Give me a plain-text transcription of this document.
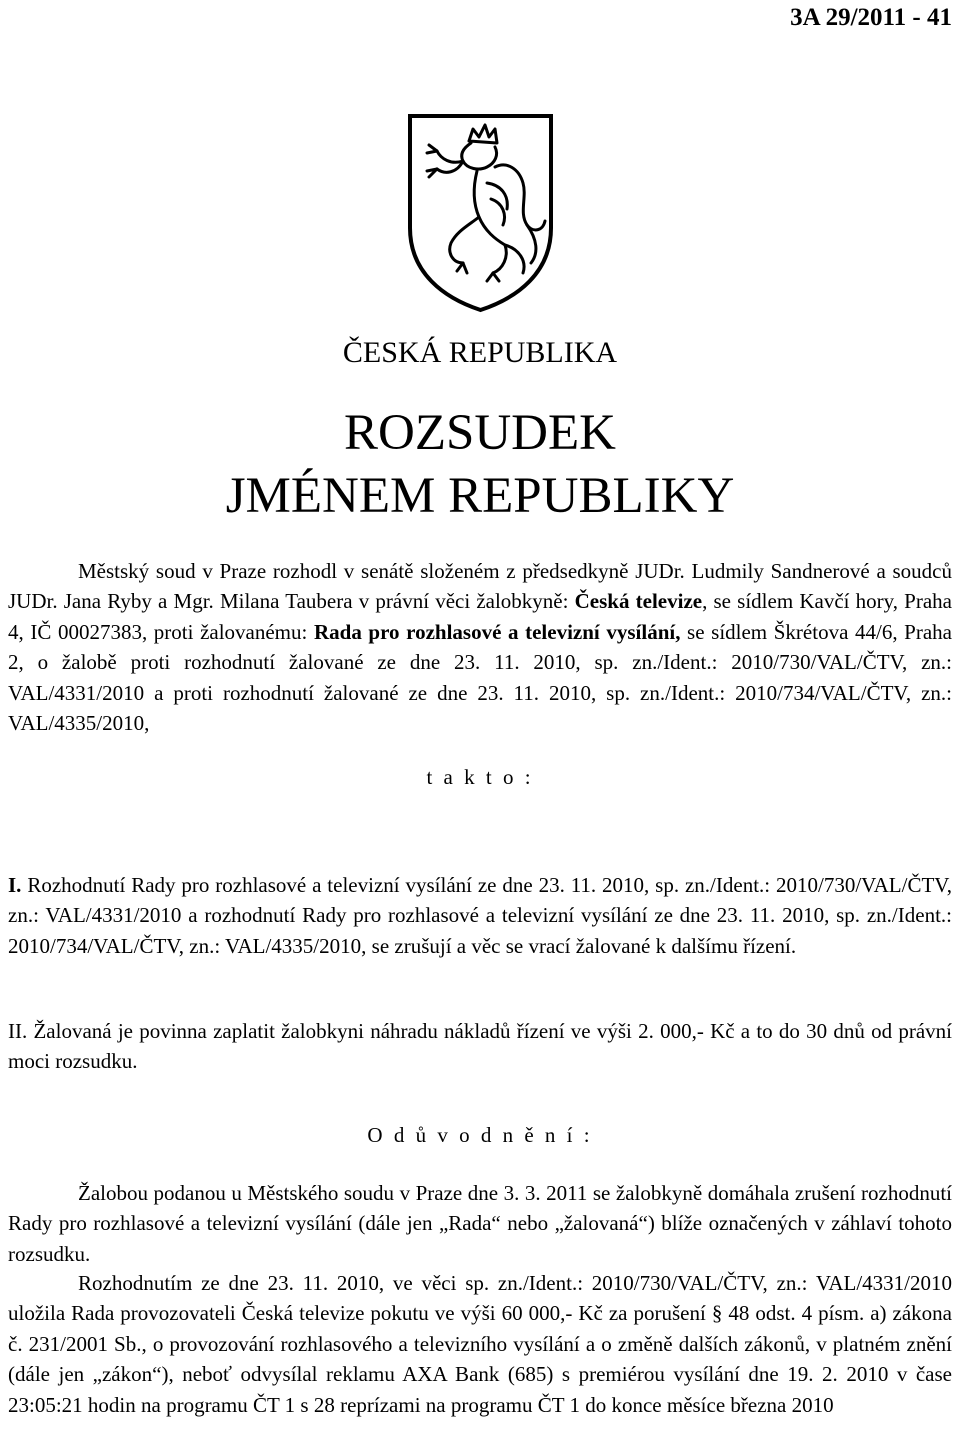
3A 29/2011 - 41
ČESKÁ REPUBLIKA
ROZSUDEK
JMÉNEM REPUBLIKY
Městský soud v Praze rozhodl v senátě složeném z předsedkyně JUDr. Ludmily Sandnerové a soudců JUDr. Jana Ryby a Mgr. Milana Taubera v právní věci žalobkyně: Česká televize, se sídlem Kavčí hory, Praha 4, IČ 00027383, proti žalovanému: Rada pro rozhlasové a televizní vysílání, se sídlem Škrétova 44/6, Praha 2, o žalobě proti rozhodnutí žalované ze dne 23. 11. 2010, sp. zn./Ident.: 2010/730/VAL/ČTV, zn.: VAL/4331/2010 a proti rozhodnutí žalované ze dne 23. 11. 2010, sp. zn./Ident.: 2010/734/VAL/ČTV, zn.: VAL/4335/2010,
t a k t o :
I. Rozhodnutí Rady pro rozhlasové a televizní vysílání ze dne 23. 11. 2010, sp. zn./Ident.: 2010/730/VAL/ČTV, zn.: VAL/4331/2010 a rozhodnutí Rady pro rozhlasové a televizní vysílání ze dne 23. 11. 2010, sp. zn./Ident.: 2010/734/VAL/ČTV, zn.: VAL/4335/2010, se zrušují a věc se vrací žalované k dalšímu řízení.
II. Žalovaná je povinna zaplatit žalobkyni náhradu nákladů řízení ve výši 2. 000,- Kč a to do 30 dnů od právní moci rozsudku.
O d ů v o d n ě n í :
Žalobou podanou u Městského soudu v Praze dne 3. 3. 2011 se žalobkyně domáhala zrušení rozhodnutí Rady pro rozhlasové a televizní vysílání (dále jen „Rada“ nebo „žalovaná“) blíže označených v záhlaví tohoto rozsudku.
Rozhodnutím ze dne 23. 11. 2010, ve věci sp. zn./Ident.: 2010/730/VAL/ČTV, zn.: VAL/4331/2010 uložila Rada provozovateli Česká televize pokutu ve výši 60 000,- Kč za porušení § 48 odst. 4 písm. a) zákona č. 231/2001 Sb., o provozování rozhlasového a televizního vysílání a o změně dalších zákonů, v platném znění (dále jen „zákon“), neboť odvysílal reklamu AXA Bank (685) s premiérou vysílání dne 19. 2. 2010 v čase 23:05:21 hodin na programu ČT 1 s 28 reprízami na programu ČT 1 do konce měsíce března 2010
